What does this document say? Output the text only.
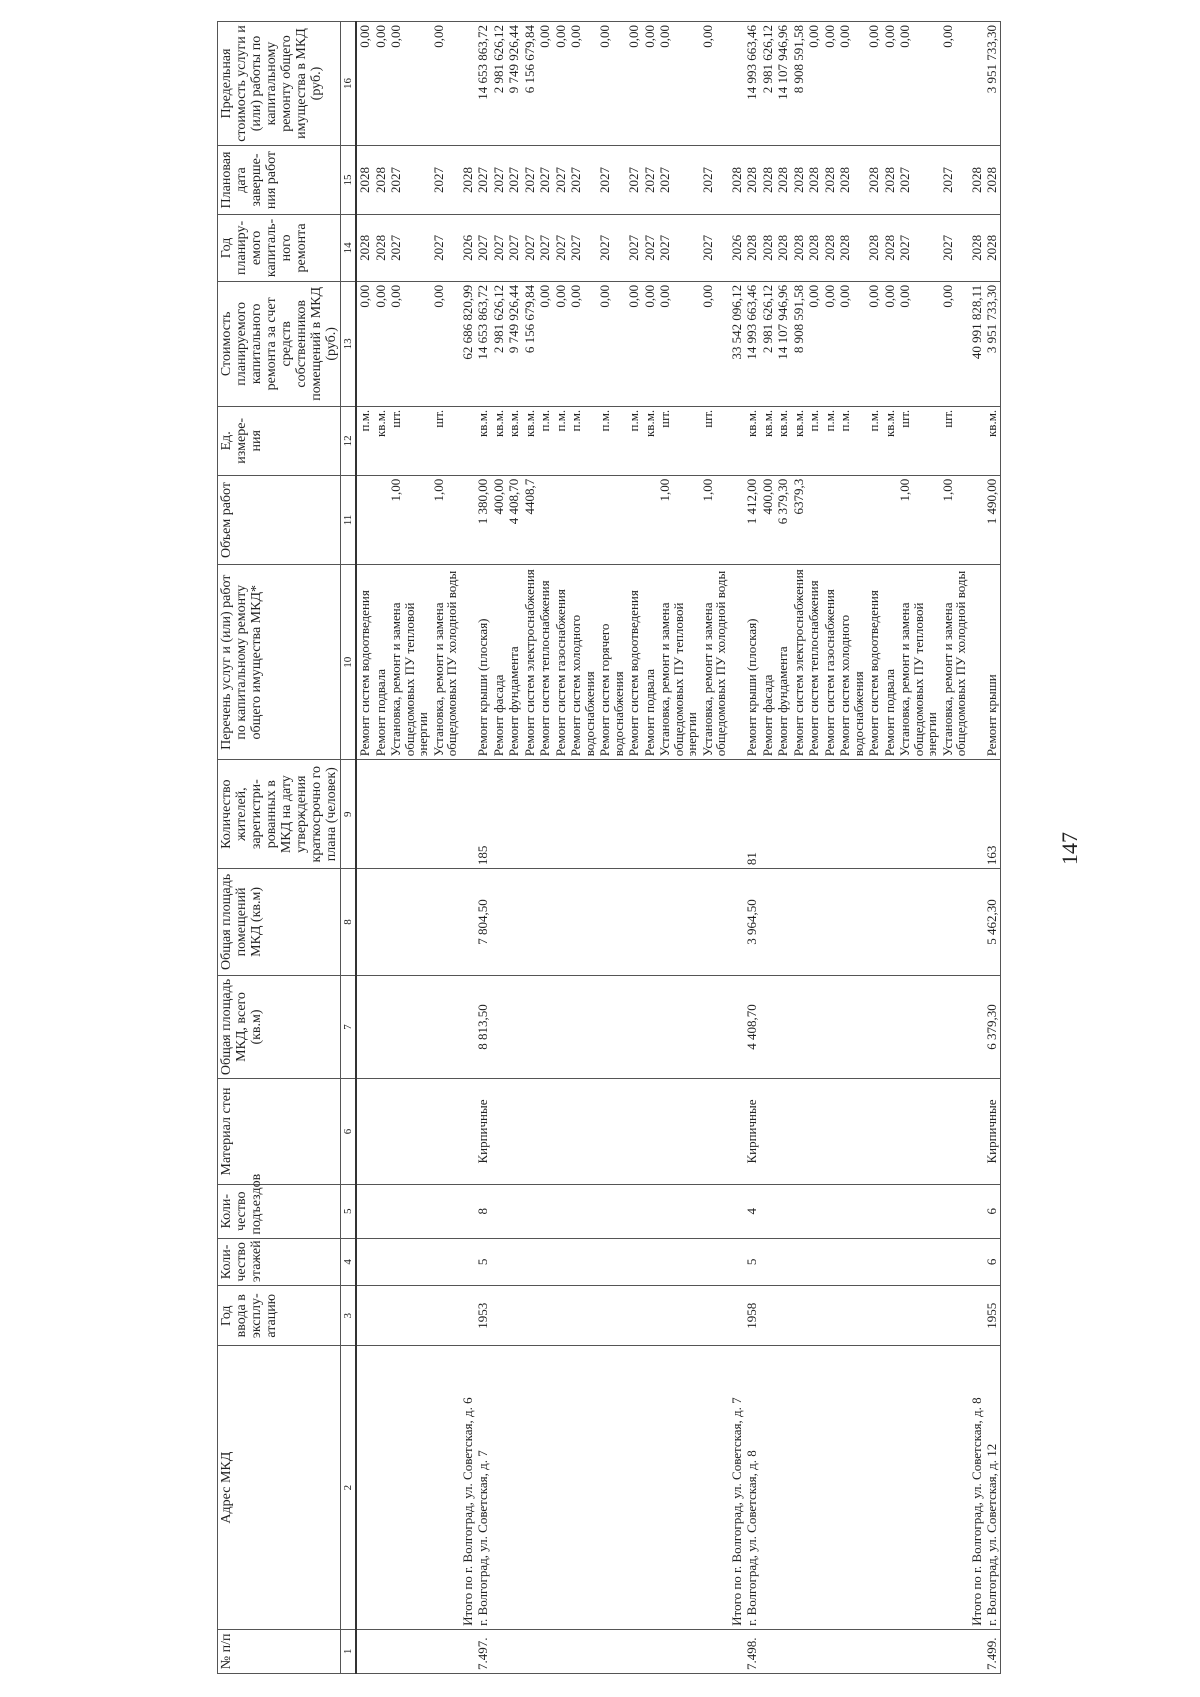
147
№ п/п	Адрес МКД	Год ввода в эксплу-атацию	Коли-чество этажей	Коли-чество подъездов	Материал стен	Общая площадь МКД, всего (кв.м)	Общая площадь помещений МКД (кв.м)	Количество жителей, зарегистри-рованных в МКД на дату утверждения краткосрочно го плана (человек)	Перечень услуг и (или) работ по капитальному ремонту общего имущества МКД*	Объем работ	Ед. измере-ния	Стоимость планируемого капитального ремонта за счет средств собственников помещений в МКД (руб.)	Год планиру-емого капиталь-ного ремонта	Плановая дата заверше-ния работ	Предельная стоимость услуги и (или) работы по капитальному ремонту общего имущества в МКД (руб.)
1	2	3	4	5	6	7	8	9	10	11	12	13	14	15	16
									Ремонт систем водоотведения		п.м.	0,00	2028	2028	0,00
									Ремонт подвала		кв.м.	0,00	2028	2028	0,00
									Установка, ремонт и замена общедомовых ПУ тепловой энергии	1,00	шт.	0,00	2027	2027	0,00
									Установка, ремонт и замена общедомовых ПУ холодной воды	1,00	шт.	0,00	2027	2027	0,00
	Итого по г. Волгоград, ул. Советская, д. 6											62 686 820,99	2026	2028	
7.497.	г. Волгоград, ул. Советская, д. 7	1953	5	8	Кирпичные	8 813,50	7 804,50	185	Ремонт крыши (плоская)	1 380,00	кв.м.	14 653 863,72	2027	2027	14 653 863,72
									Ремонт фасада	400,00	кв.м.	2 981 626,12	2027	2027	2 981 626,12
									Ремонт фундамента	4 408,70	кв.м.	9 749 926,44	2027	2027	9 749 926,44
									Ремонт систем электроснабжения	4408,7	кв.м.	6 156 679,84	2027	2027	6 156 679,84
									Ремонт систем теплоснабжения		п.м.	0,00	2027	2027	0,00
									Ремонт систем газоснабжения		п.м.	0,00	2027	2027	0,00
									Ремонт систем холодного водоснабжения		п.м.	0,00	2027	2027	0,00
									Ремонт систем горячего водоснабжения		п.м.	0,00	2027	2027	0,00
									Ремонт систем водоотведения		п.м.	0,00	2027	2027	0,00
									Ремонт подвала		кв.м.	0,00	2027	2027	0,00
									Установка, ремонт и замена общедомовых ПУ тепловой энергии	1,00	шт.	0,00	2027	2027	0,00
									Установка, ремонт и замена общедомовых ПУ холодной воды	1,00	шт.	0,00	2027	2027	0,00
	Итого по г. Волгоград, ул. Советская, д. 7											33 542 096,12	2026	2028	
7.498.	г. Волгоград, ул. Советская, д. 8	1958	5	4	Кирпичные	4 408,70	3 964,50	81	Ремонт крыши (плоская)	1 412,00	кв.м.	14 993 663,46	2028	2028	14 993 663,46
									Ремонт фасада	400,00	кв.м.	2 981 626,12	2028	2028	2 981 626,12
									Ремонт фундамента	6 379,30	кв.м.	14 107 946,96	2028	2028	14 107 946,96
									Ремонт систем электроснабжения	6379,3	кв.м.	8 908 591,58	2028	2028	8 908 591,58
									Ремонт систем теплоснабжения		п.м.	0,00	2028	2028	0,00
									Ремонт систем газоснабжения		п.м.	0,00	2028	2028	0,00
									Ремонт систем холодного водоснабжения		п.м.	0,00	2028	2028	0,00
									Ремонт систем водоотведения		п.м.	0,00	2028	2028	0,00
									Ремонт подвала		кв.м.	0,00	2028	2028	0,00
									Установка, ремонт и замена общедомовых ПУ тепловой энергии	1,00	шт.	0,00	2027	2027	0,00
									Установка, ремонт и замена общедомовых ПУ холодной воды	1,00	шт.	0,00	2027	2027	0,00
	Итого по г. Волгоград, ул. Советская, д. 8											40 991 828,11	2028	2028	
7.499.	г. Волгоград, ул. Советская, д. 12	1955	6	6	Кирпичные	6 379,30	5 462,30	163	Ремонт крыши	1 490,00	кв.м.	3 951 733,30	2028	2028	3 951 733,30
